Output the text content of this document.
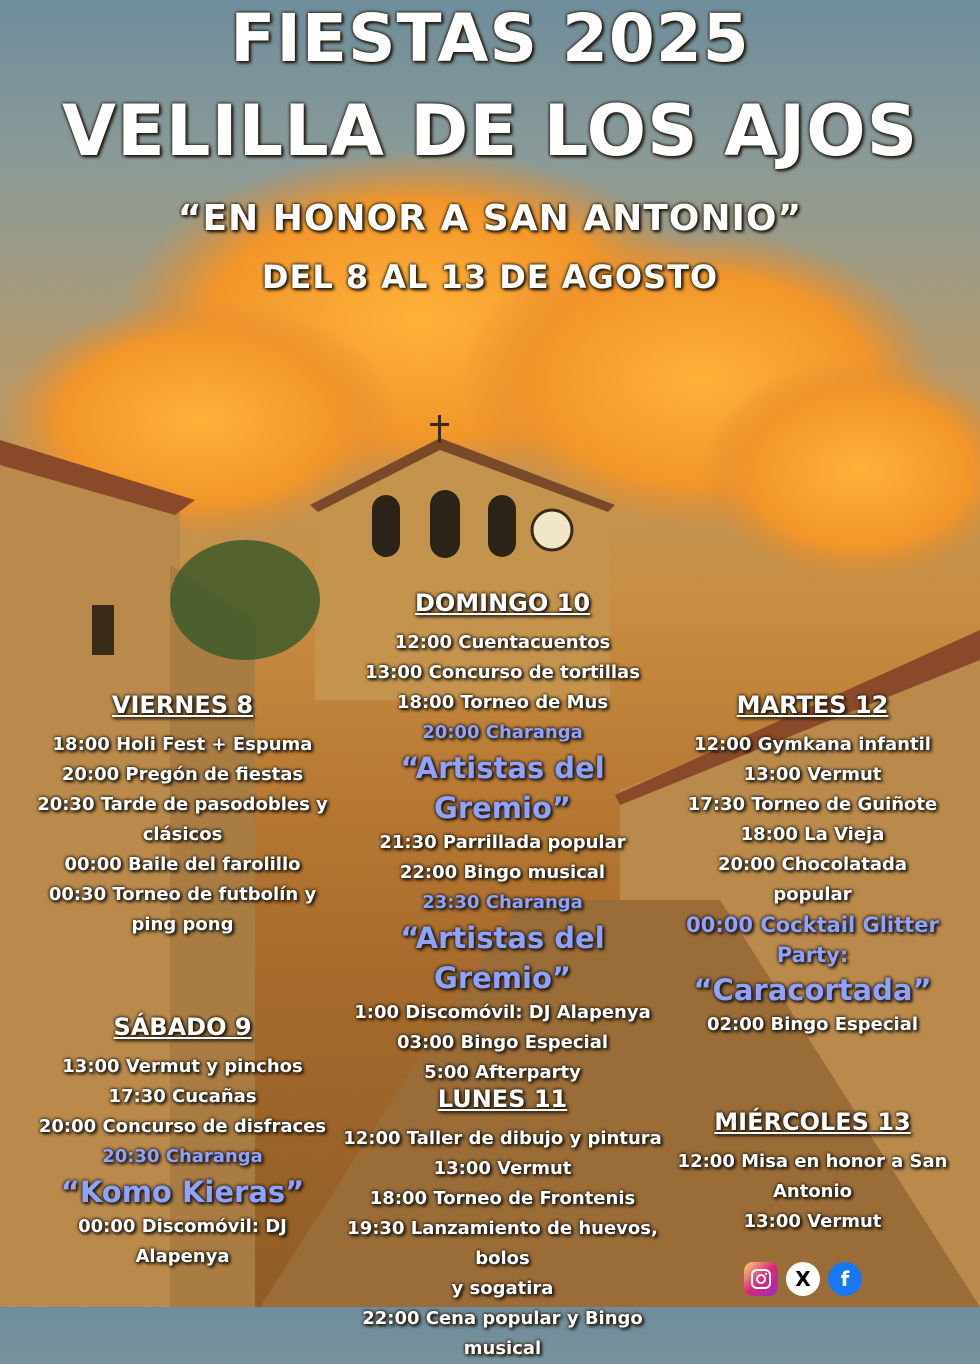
FIESTAS 2025
VELILLA DE LOS AJOS
“EN HONOR A SAN ANTONIO”
DEL 8 AL 13 DE AGOSTO
VIERNES 8
18:00 Holi Fest + Espuma
20:00 Pregón de fiestas
20:30 Tarde de pasodobles y
clásicos
00:00 Baile del farolillo
00:30 Torneo de futbolín y
ping pong
SÁBADO 9
13:00 Vermut y pinchos
17:30 Cucañas
20:00 Concurso de disfraces
20:30 Charanga
“Komo Kieras”
00:00 Discomóvil: DJ
Alapenya
DOMINGO 10
12:00 Cuentacuentos
13:00 Concurso de tortillas
18:00 Torneo de Mus
20:00 Charanga
“Artistas del Gremio”
21:30 Parrillada popular
22:00 Bingo musical
23:30 Charanga
“Artistas del Gremio”
1:00 Discomóvil: DJ Alapenya
03:00 Bingo Especial
5:00 Afterparty
LUNES 11
12:00 Taller de dibujo y pintura
13:00 Vermut
18:00 Torneo de Frontenis
19:30 Lanzamiento de huevos, bolos
y sogatira
22:00 Cena popular y Bingo musical
MARTES 12
12:00 Gymkana infantil
13:00 Vermut
17:30 Torneo de Guiñote
18:00 La Vieja
20:00 Chocolatada
popular
00:00 Cocktail Glitter
Party:
“Caracortada”
02:00 Bingo Especial
MIÉRCOLES 13
12:00 Misa en honor a San
Antonio
13:00 Vermut
X	f
